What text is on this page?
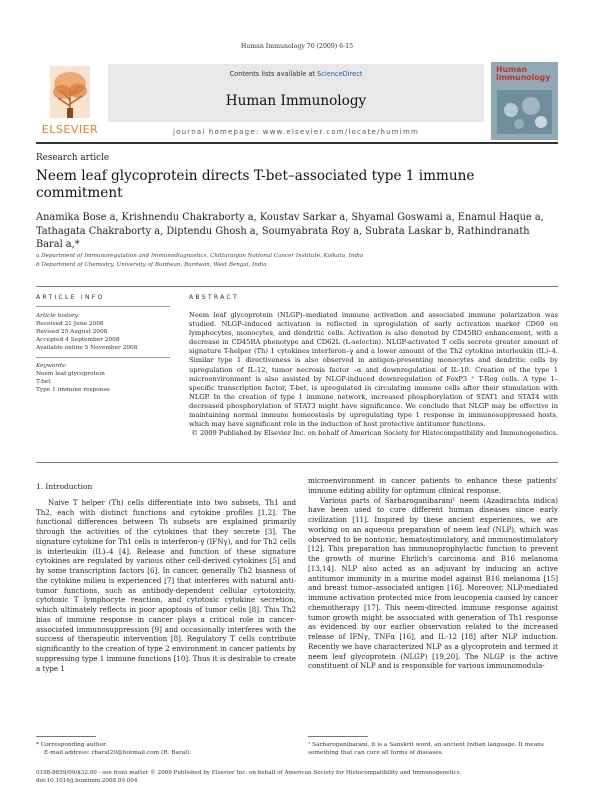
Human Immunology 70 (2009) 6-15
ELSEVIER
Contents lists available at ScienceDirect
Human Immunology
journal homepage: www.elsevier.com/locate/humimm
Human Immunology
Research article
Neem leaf glycoprotein directs T-bet–associated type 1 immune commitment
Anamika Bose a, Krishnendu Chakraborty a, Koustav Sarkar a, Shyamal Goswami a, Enamul Haque a, Tathagata Chakraborty a, Diptendu Ghosh a, Soumyabrata Roy a, Subrata Laskar b, Rathindranath Baral a,*
a Department of Immunoregulation and Immunodiagnostics, Chittaranjan National Cancer Institute, Kolkata, India
b Department of Chemistry, University of Burdwan, Burdwan, West Bengal, India
ARTICLE INFO
Article history:
Received 21 June 2008
Revised 25 August 2008
Accepted 4 September 2008
Available online 5 November 2008
Keywords:
Neem leaf glycoprotein
T-bet
Type 1 immune response
ABSTRACT
Neem leaf glycoprotein (NLGP)–mediated immune activation and associated immune polarization was studied. NLGP–induced activation is reflected in upregulation of early activation marker CD69 on lymphocytes, monocytes, and dendritic cells. Activation is also denoted by CD45RO enhancement, with a decrease in CD45RA phenotype and CD62L (L-selectin). NLGP-activated T cells secrete greater amount of signature T-helper (Th) 1 cytokines interferon–γ and a lower amount of the Th2 cytokine interleukin (IL)–4. Similar type 1 directiveness is also observed in antigen-presenting monocytes and dendritic cells by upregulation of IL-12, tumor necrosis factor –α and downregulation of IL-10. Creation of the type 1 microenvironment is also assisted by NLGP-induced downregulation of FoxP3 ⁺ T-Reg cells. A type 1–specific transcription factor, T-bet, is upregulated in circulating immune cells after their stimulation with NLGP. In the creation of type 1 immune network, increased phosphorylation of STAT1 and STAT4 with decreased phosphorylation of STAT3 might have significance. We conclude that NLGP may be effective in maintaining normal immune homeostasis by upregulating type 1 response in immunosuppressed hosts, which may have significant role in the induction of host protective antitumor functions.
© 2009 Published by Elsevier Inc. on behalf of American Society for Histocompatibility and Immunogenetics.
1. Introduction

Naive T helper (Th) cells differentiate into two subsets, Th1 and Th2, each with distinct functions and cytokine profiles [1,2]. The functional differences between Th subsets are explained primarily through the activities of the cytokines that they secrete [3]. The signature cytokine for Th1 cells is interferon-γ (IFNγ), and for Th2 cells is interleukin (IL)–4 [4]. Release and function of these signature cytokines are regulated by various other cell-derived cytokines [5] and by some transcription factors [6]. In cancer, generally Th2 biasness of the cytokine milieu is experienced [7] that interferes with natural anti-tumor functions, such as antibody-dependent cellular cytotoxicity, cytotoxic T lymphocyte reaction, and cytotoxic cytokine secretion, which ultimately reflects in poor apoptosis of tumor cells [8]. This Th2 bias of immune response in cancer plays a critical role in cancer-associated immunosuppression [9] and occasionally interferes with the success of therapeutic intervention [8]. Regulatory T cells contribute significantly to the creation of type 2 environment in cancer patients by suppressing type 1 immune functions [10]. Thus it is desirable to create a type 1

microenvironment in cancer patients to enhance these patients' immune editing ability for optimum clinical response.

Various parts of Sarbaroganibarani¹ neem (Azadirachta indica) have been used to cure different human diseases since early civilization [11]. Inspired by these ancient experiences, we are working on an aqueous preparation of neem leaf (NLP), which was observed to be nontoxic, hematostimulatory, and immunostimulatory [12]. This preparation has immunoprophylactic function to prevent the growth of murine Ehrlich's carcinoma and B16 melanoma [13,14]. NLP also acted as an adjuvant by inducing an active antitumor immunity in a murine model against B16 melanoma [15] and breast tumor–associated antigen [16]. Moreover, NLP-mediated immune activation protected mice from leucopenia caused by cancer chemotherapy [17]. This neem-directed immune response against tumor growth might be associated with generation of Th1 response as evidenced by our earlier observation related to the increased release of IFNγ, TNFα [16], and IL-12 [18] after NLP induction. Recently we have characterized NLP as a glycoprotein and termed it neem leaf glycoprotein (NLGP) [19,20]. The NLGP is the active constituent of NLP and is responsible for various immunomodula-

* Corresponding author.
E-mail address: rbaral20@hotmail.com (R. Baral).
¹ Sarbaroganibarani, it is a Sanskrit word, an ancient Indian language. It means something that can cure all forms of diseases.
0198-8859/09/$32.00 - see front matter © 2009 Published by Elsevier Inc. on behalf of American Society for Histocompatibility and Immunogenetics.
doi:10.1016/j.humimm.2008.09.004
